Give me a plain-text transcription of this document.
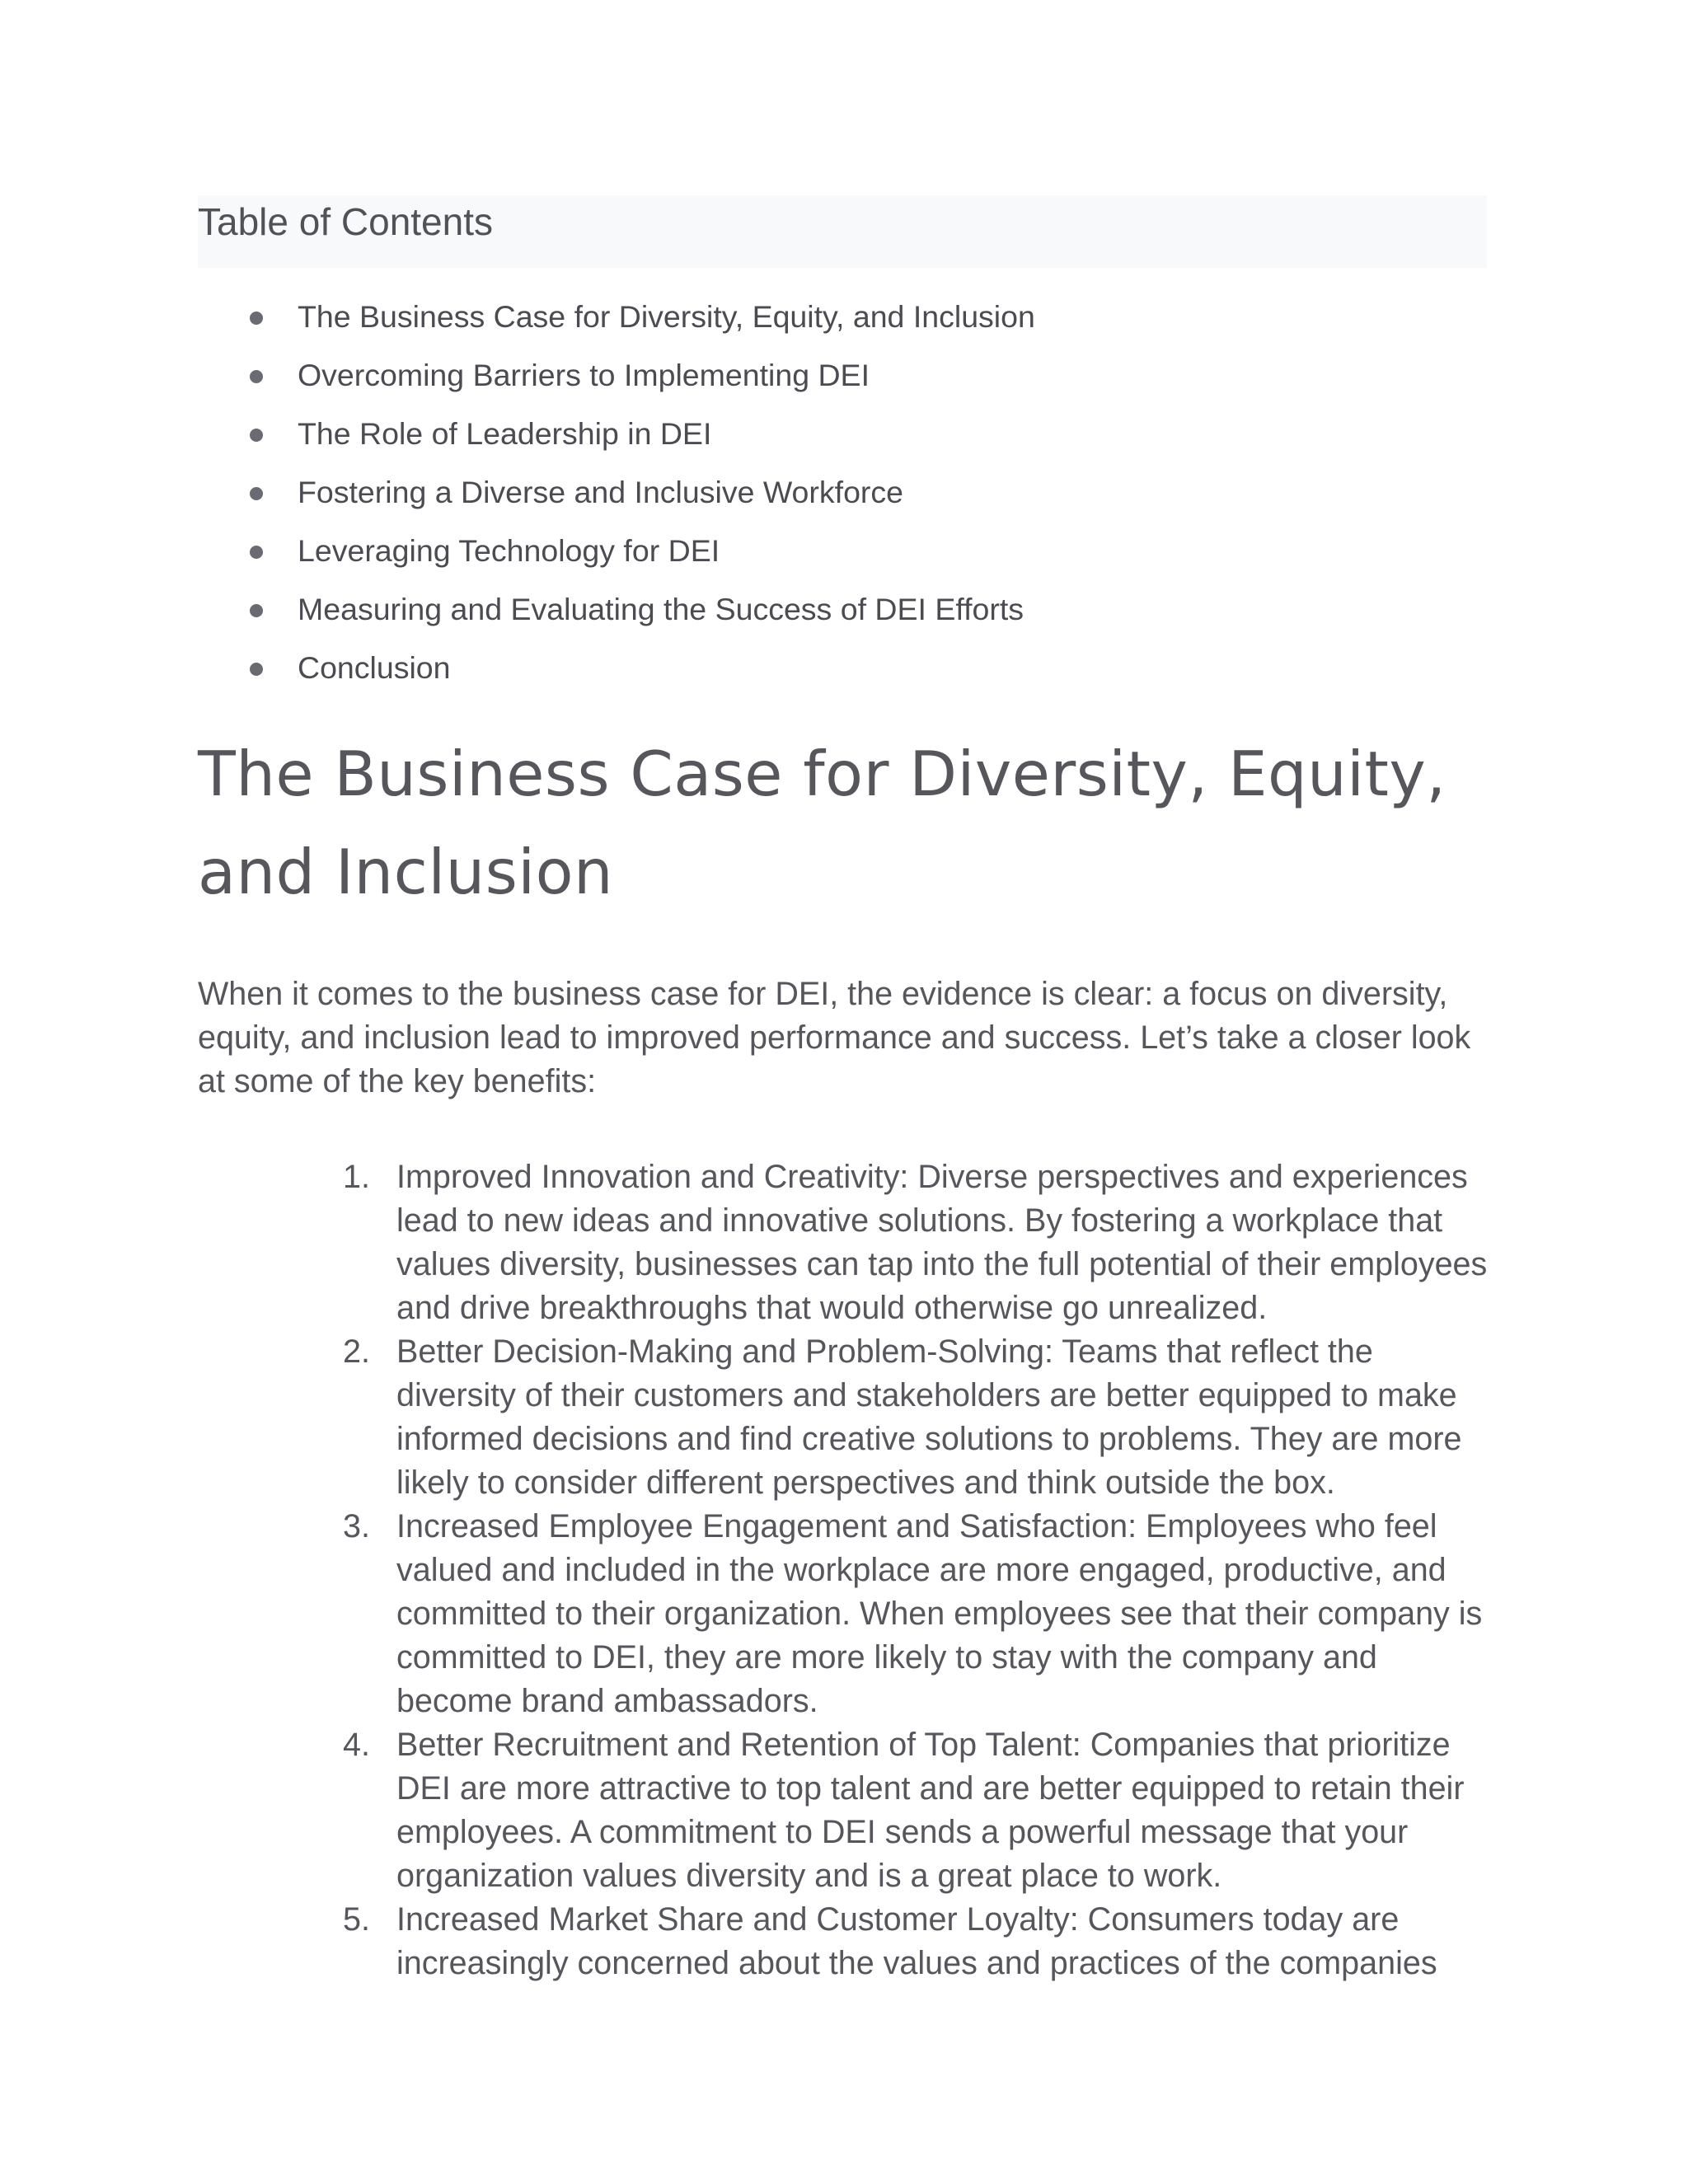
Table of Contents
The Business Case for Diversity, Equity, and Inclusion
Overcoming Barriers to Implementing DEI
The Role of Leadership in DEI
Fostering a Diverse and Inclusive Workforce
Leveraging Technology for DEI
Measuring and Evaluating the Success of DEI Efforts
Conclusion
The Business Case for Diversity, Equity, and Inclusion

When it comes to the business case for DEI, the evidence is clear: a focus on diversity, equity, and inclusion lead to improved performance and success. Let’s take a closer look at some of the key benefits:

1. Improved Innovation and Creativity: Diverse perspectives and experiences lead to new ideas and innovative solutions. By fostering a workplace that values diversity, businesses can tap into the full potential of their employees and drive breakthroughs that would otherwise go unrealized.
2. Better Decision-Making and Problem-Solving: Teams that reflect the diversity of their customers and stakeholders are better equipped to make informed decisions and find creative solutions to problems. They are more likely to consider different perspectives and think outside the box.
3. Increased Employee Engagement and Satisfaction: Employees who feel valued and included in the workplace are more engaged, productive, and committed to their organization. When employees see that their company is committed to DEI, they are more likely to stay with the company and become brand ambassadors.
4. Better Recruitment and Retention of Top Talent: Companies that prioritize DEI are more attractive to top talent and are better equipped to retain their employees. A commitment to DEI sends a powerful message that your organization values diversity and is a great place to work.
5. Increased Market Share and Customer Loyalty: Consumers today are increasingly concerned about the values and practices of the companies
